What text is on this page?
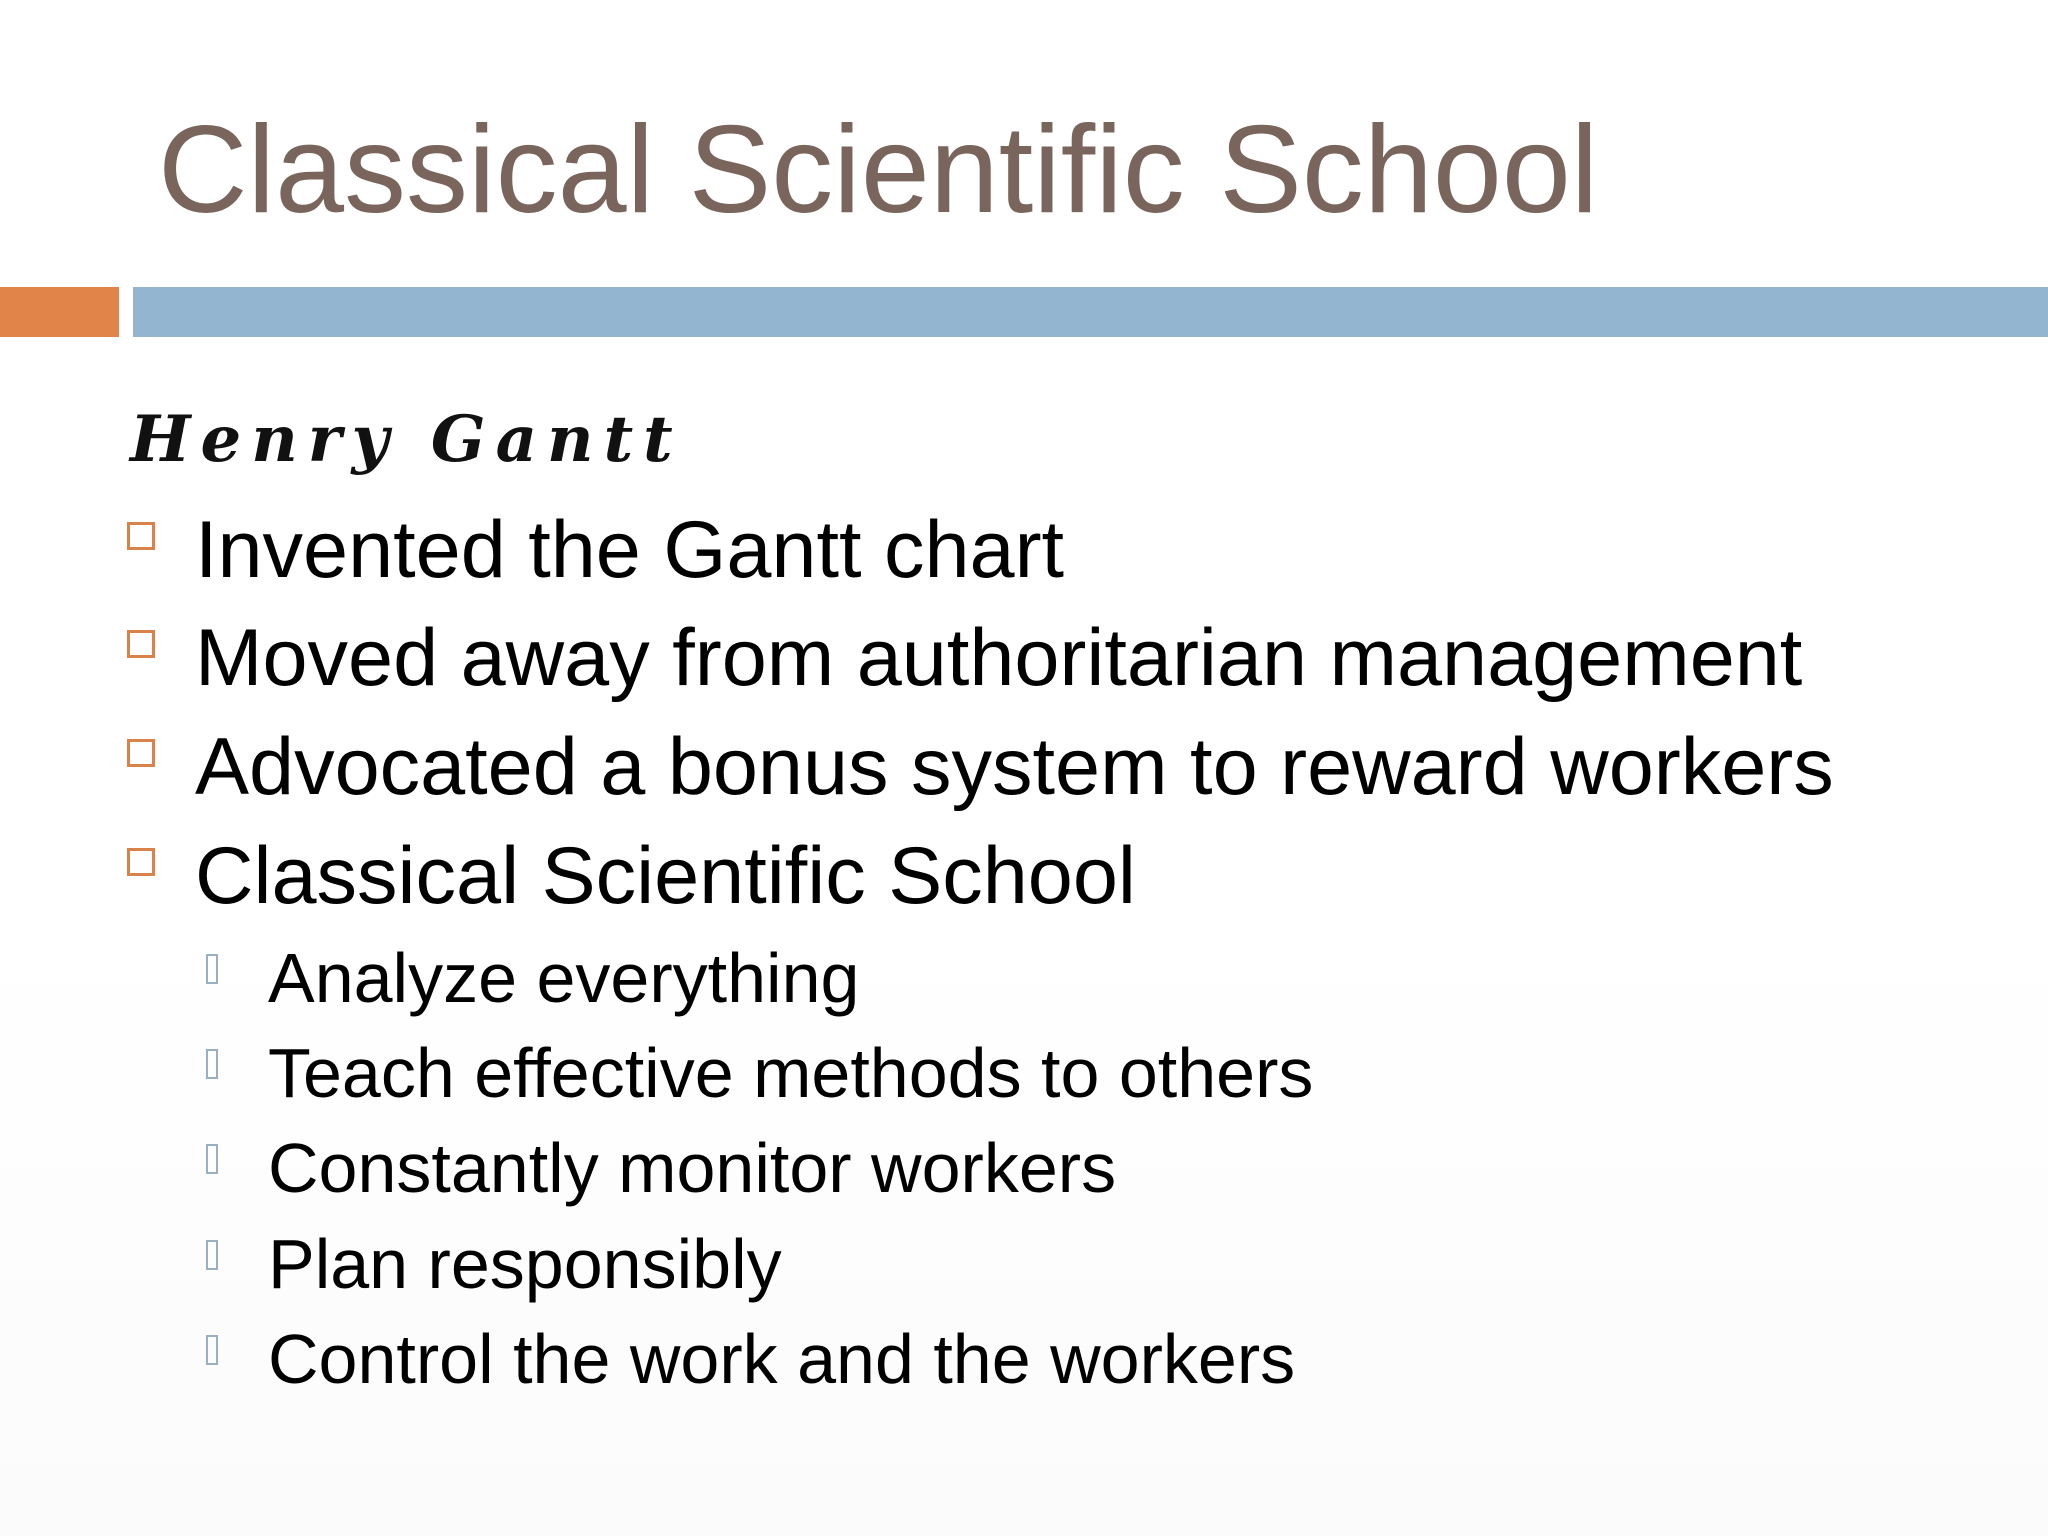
Classical Scientific School
Henry Gantt
Invented the Gantt chart
Moved away from authoritarian management
Advocated a bonus system to reward workers
Classical Scientific School
Analyze everything
Teach effective methods to others
Constantly monitor workers
Plan responsibly
Control the work and the workers
